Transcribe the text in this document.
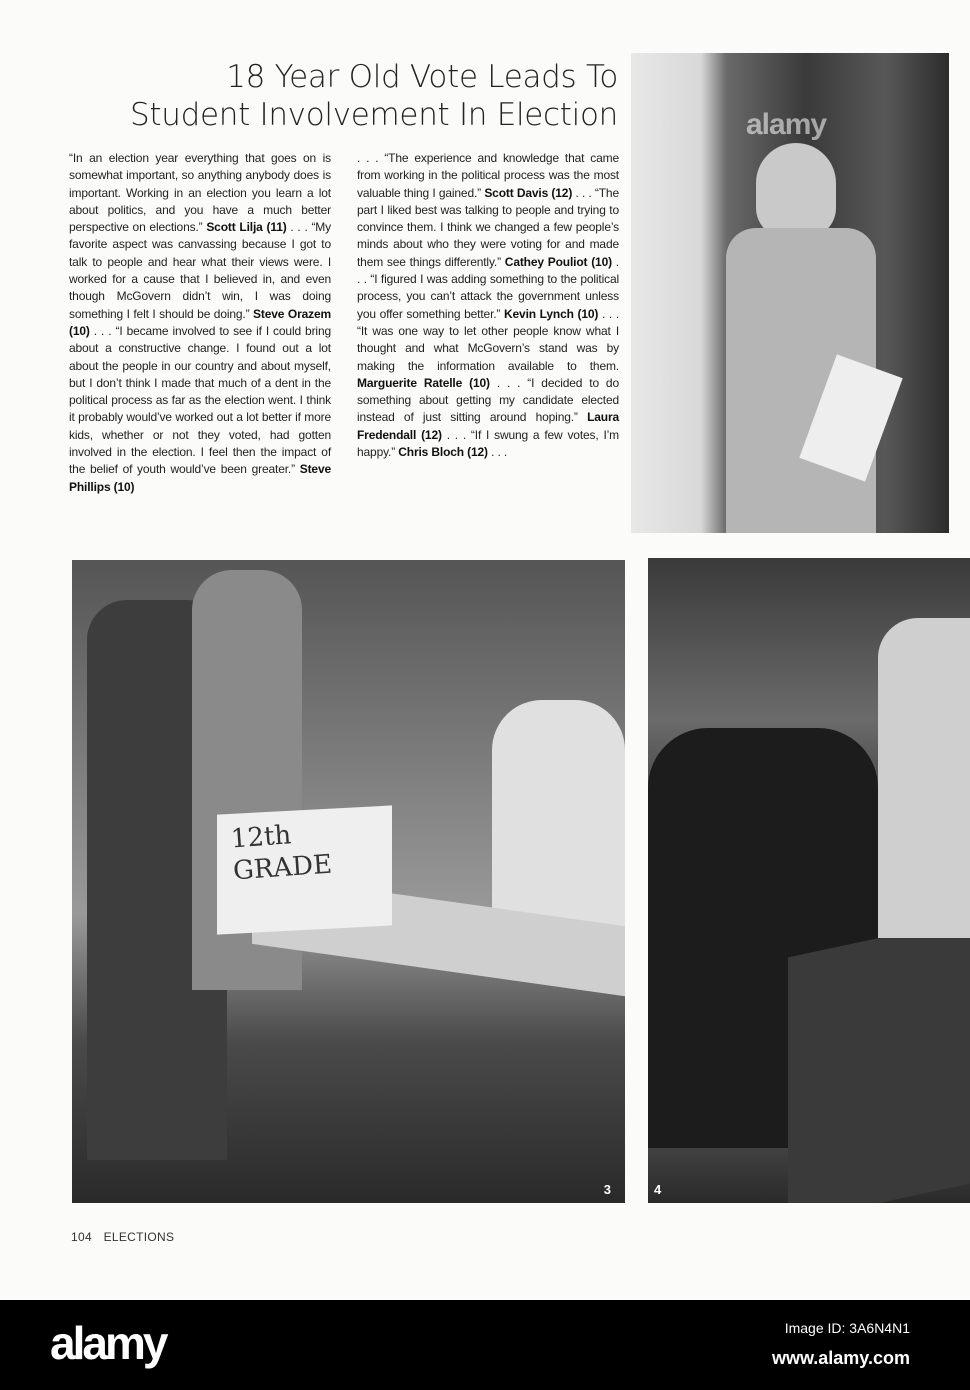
18 Year Old Vote Leads To
Student Involvement In Election
“In an election year everything that goes on is somewhat important, so anything anybody does is important. Working in an election you learn a lot about politics, and you have a much better perspective on elections.” Scott Lilja (11) . . . “My favorite aspect was canvassing because I got to talk to people and hear what their views were. I worked for a cause that I believed in, and even though McGovern didn’t win, I was doing something I felt I should be doing.” Steve Orazem (10) . . . “I became involved to see if I could bring about a constructive change. I found out a lot about the people in our country and about myself, but I don’t think I made that much of a dent in the political process as far as the election went. I think it probably would’ve worked out a lot better if more kids, whether or not they voted, had gotten involved in the election. I feel then the impact of the belief of youth would’ve been greater.” Steve Phillips (10)
. . . “The experience and knowledge that came from working in the political process was the most valuable thing I gained.” Scott Davis (12) . . . “The part I liked best was talking to people and trying to convince them. I think we changed a few people’s minds about who they were voting for and made them see things differently.” Cathey Pouliot (10) . . . “I figured I was adding something to the political process, you can’t attack the government unless you offer something better.” Kevin Lynch (10) . . . “It was one way to let other people know what I thought and what McGovern’s stand was by making the information available to them. Marguerite Ratelle (10) . . . “I decided to do something about getting my candidate elected instead of just sitting around hoping.” Laura Fredendall (12) . . . “If I swung a few votes, I’m happy.” Chris Bloch (12) . . .
alamy
12th
GRADE
3	4
104 ELECTIONS
alamy	Image ID: 3A6N4N1
www.alamy.com
